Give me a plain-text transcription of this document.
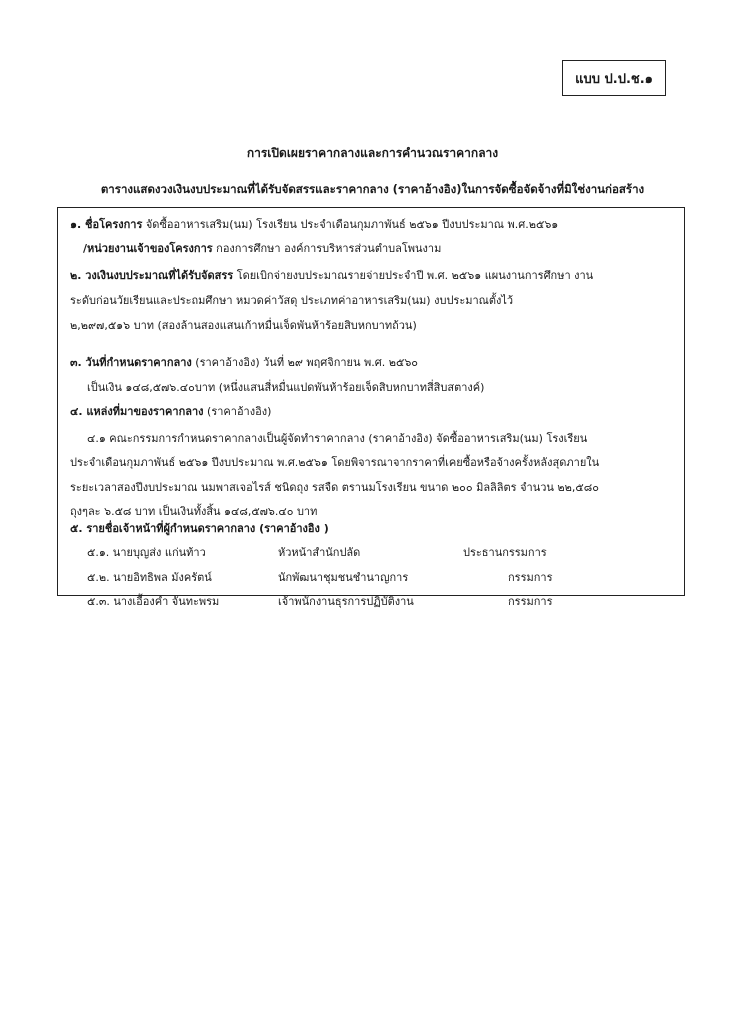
แบบ ป.ป.ช.๑
การเปิดเผยราคากลางและการคำนวณราคากลาง
ตารางแสดงวงเงินงบประมาณที่ได้รับจัดสรรและราคากลาง (ราคาอ้างอิง)ในการจัดซื้อจัดจ้างที่มิใช่งานก่อสร้าง
๑. ชื่อโครงการ จัดซื้ออาหารเสริม(นม) โรงเรียน ประจำเดือนกุมภาพันธ์ ๒๕๖๑ ปีงบประมาณ พ.ศ.๒๕๖๑
/หน่วยงานเจ้าของโครงการ กองการศึกษา องค์การบริหารส่วนตำบลโพนงาม
๒. วงเงินงบประมาณที่ได้รับจัดสรร โดยเบิกจ่ายงบประมาณรายจ่ายประจำปี พ.ศ. ๒๕๖๑ แผนงานการศึกษา งาน
ระดับก่อนวัยเรียนและประถมศึกษา หมวดค่าวัสดุ ประเภทค่าอาหารเสริม(นม) งบประมาณตั้งไว้
๒,๒๙๗,๕๑๖ บาท (สองล้านสองแสนเก้าหมื่นเจ็ดพันห้าร้อยสิบหกบาทถ้วน)
๓. วันที่กำหนดราคากลาง (ราคาอ้างอิง) วันที่ ๒๙ พฤศจิกายน พ.ศ. ๒๕๖๐
เป็นเงิน ๑๔๘,๕๗๖.๔๐บาท (หนึ่งแสนสี่หมื่นแปดพันห้าร้อยเจ็ดสิบหกบาทสี่สิบสตางค์)
๔. แหล่งที่มาของราคากลาง (ราคาอ้างอิง)
๔.๑ คณะกรรมการกำหนดราคากลางเป็นผู้จัดทำราคากลาง (ราคาอ้างอิง) จัดซื้ออาหารเสริม(นม) โรงเรียน
ประจำเดือนกุมภาพันธ์ ๒๕๖๑ ปีงบประมาณ พ.ศ.๒๕๖๑ โดยพิจารณาจากราคาที่เคยซื้อหรือจ้างครั้งหลังสุดภายใน
ระยะเวลาสองปีงบประมาณ นมพาสเจอไรส์ ชนิดถุง รสจืด ตรานมโรงเรียน ขนาด ๒๐๐ มิลลิลิตร จำนวน ๒๒,๕๘๐
ถุงๆละ ๖.๕๘ บาท เป็นเงินทั้งสิ้น ๑๔๘,๕๗๖.๔๐ บาท
๕. รายชื่อเจ้าหน้าที่ผู้กำหนดราคากลาง (ราคาอ้างอิง )
๕.๑. นายบุญส่ง แก่นท้าว	หัวหน้าสำนักปลัด	ประธานกรรมการ
๕.๒. นายอิทธิพล มังครัตน์	นักพัฒนาชุมชนชำนาญการ	กรรมการ
๕.๓. นางเอื้องคำ จันทะพรม	เจ้าพนักงานธุรการปฏิบัติงาน	กรรมการ
